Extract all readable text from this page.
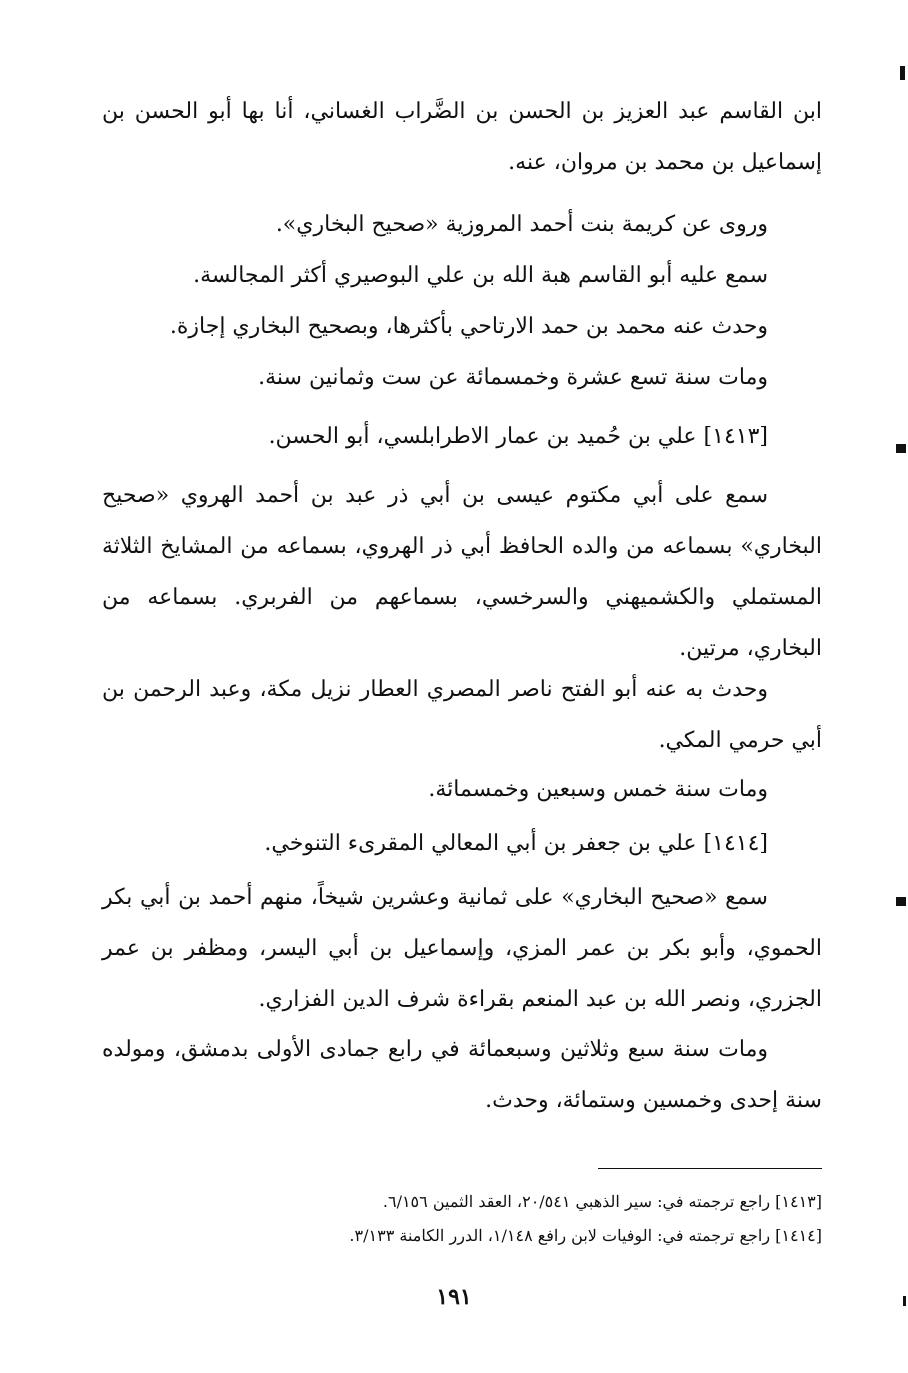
ابن القاسم عبد العزيز بن الحسن بن الضَّراب الغساني، أنا بها أبو الحسن بن إسماعيل بن محمد بن مروان، عنه.

وروى عن كريمة بنت أحمد المروزية «صحيح البخاري».

سمع عليه أبو القاسم هبة الله بن علي البوصيري أكثر المجالسة.

وحدث عنه محمد بن حمد الارتاحي بأكثرها، وبصحيح البخاري إجازة.

ومات سنة تسع عشرة وخمسمائة عن ست وثمانين سنة.

[١٤١٣] علي بن حُميد بن عمار الاطرابلسي، أبو الحسن.

سمع على أبي مكتوم عيسى بن أبي ذر عبد بن أحمد الهروي «صحيح البخاري» بسماعه من والده الحافظ أبي ذر الهروي، بسماعه من المشايخ الثلاثة المستملي والكشميهني والسرخسي، بسماعهم من الفربري. بسماعه من البخاري، مرتين.

وحدث به عنه أبو الفتح ناصر المصري العطار نزيل مكة، وعبد الرحمن بن أبي حرمي المكي.

ومات سنة خمس وسبعين وخمسمائة.

[١٤١٤] علي بن جعفر بن أبي المعالي المقرىء التنوخي.

سمع «صحيح البخاري» على ثمانية وعشرين شيخاً، منهم أحمد بن أبي بكر الحموي، وأبو بكر بن عمر المزي، وإسماعيل بن أبي اليسر، ومظفر بن عمر الجزري، ونصر الله بن عبد المنعم بقراءة شرف الدين الفزاري.

ومات سنة سبع وثلاثين وسبعمائة في رابع جمادى الأولى بدمشق، ومولده سنة إحدى وخمسين وستمائة، وحدث.

[١٤١٣] راجع ترجمته في: سير الذهبي ٢٠/٥٤١، العقد الثمين ٦/١٥٦.

[١٤١٤] راجع ترجمته في: الوفيات لابن رافع ١/١٤٨، الدرر الكامنة ٣/١٣٣.

١٩١
